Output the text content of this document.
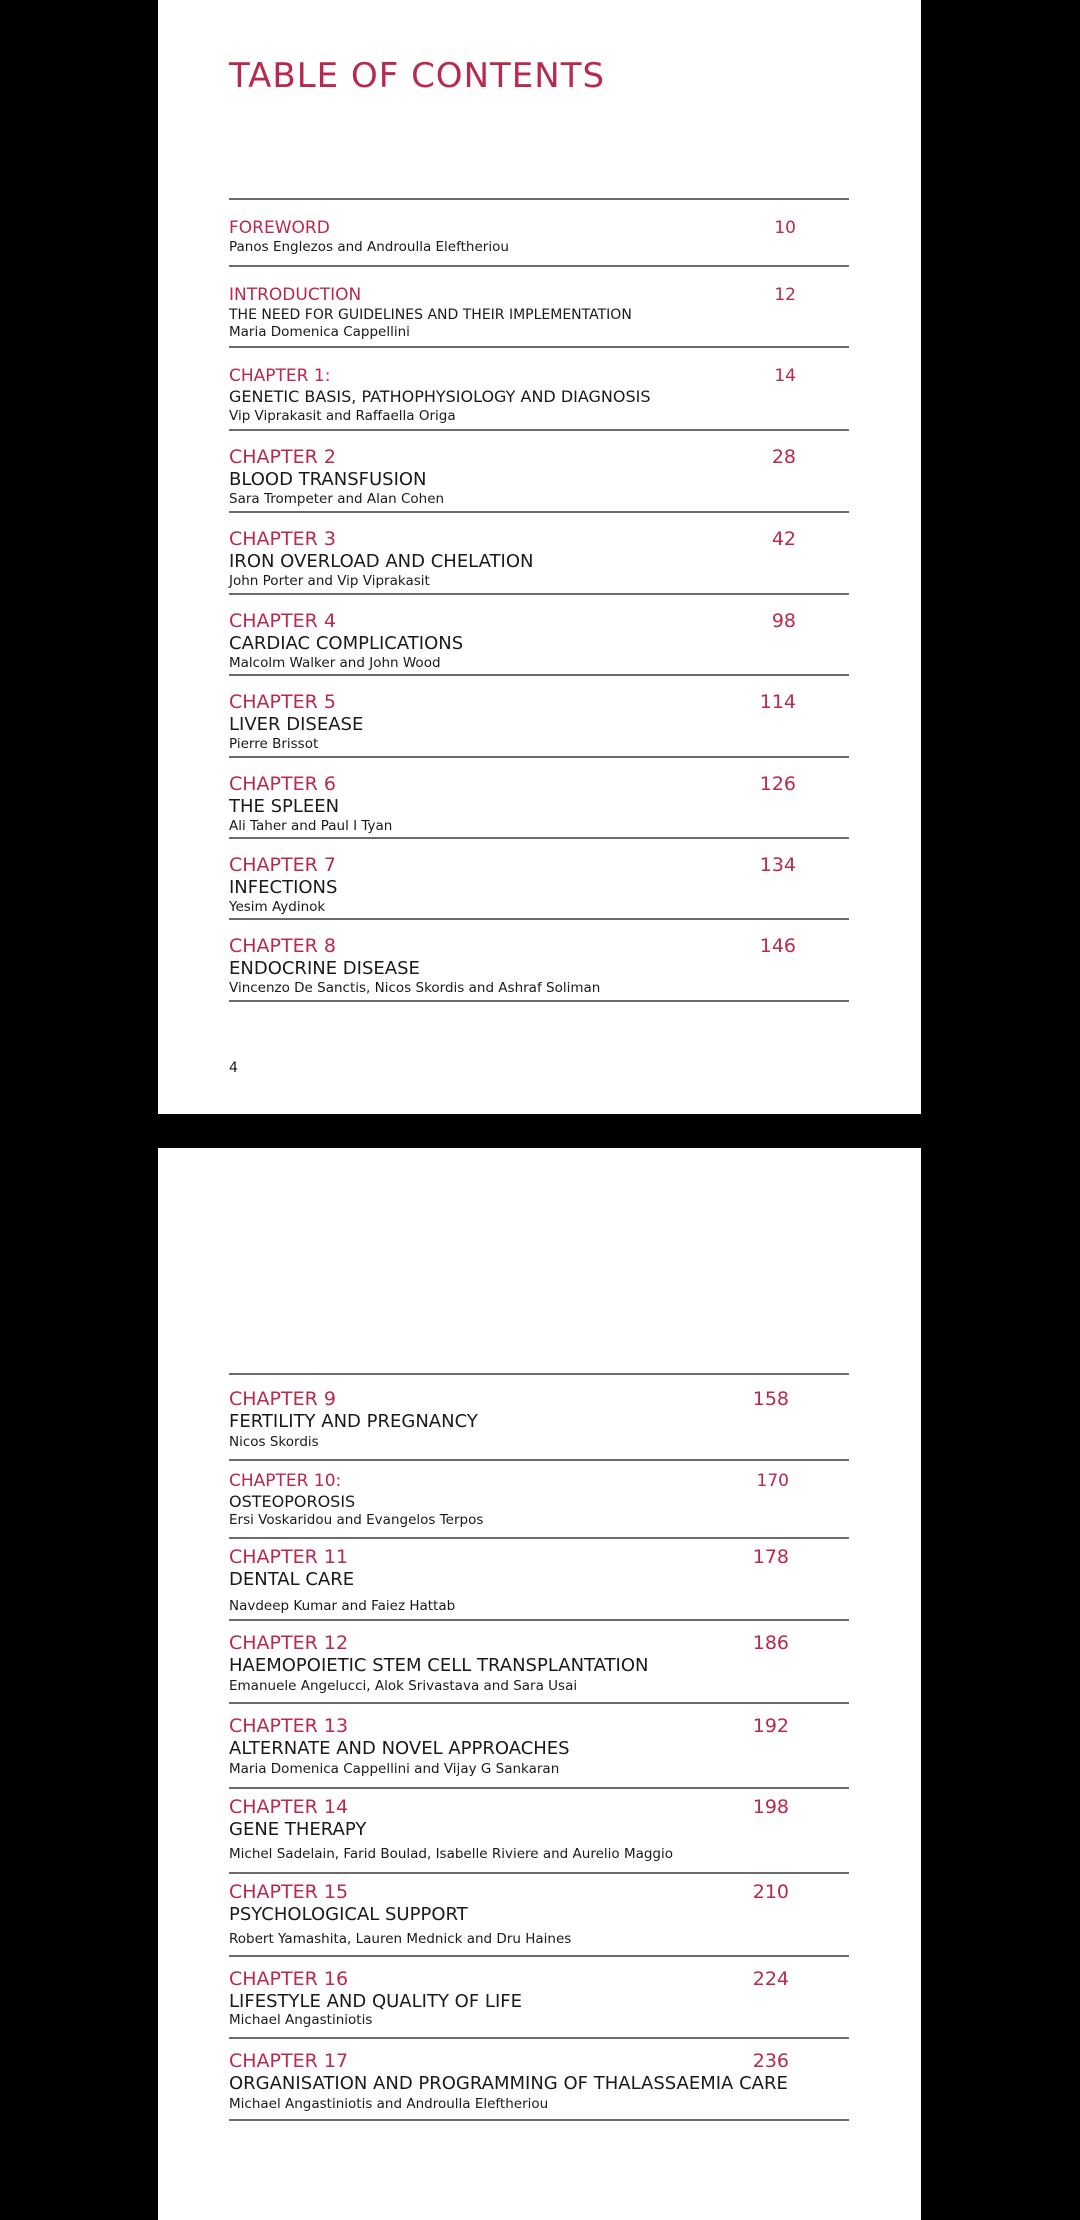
TABLE OF CONTENTS
FOREWORD	10
Panos Englezos and Androulla Eleftheriou
INTRODUCTION	12
THE NEED FOR GUIDELINES AND THEIR IMPLEMENTATION
Maria Domenica Cappellini
CHAPTER 1:	14
GENETIC BASIS, PATHOPHYSIOLOGY AND DIAGNOSIS
Vip Viprakasit and Raffaella Origa
CHAPTER 2	28
BLOOD TRANSFUSION
Sara Trompeter and Alan Cohen
CHAPTER 3	42
IRON OVERLOAD AND CHELATION
John Porter and Vip Viprakasit
CHAPTER 4	98
CARDIAC COMPLICATIONS
Malcolm Walker and John Wood
CHAPTER 5	114
LIVER DISEASE
Pierre Brissot
CHAPTER 6	126
THE SPLEEN
Ali Taher and Paul I Tyan
CHAPTER 7	134
INFECTIONS
Yesim Aydinok
CHAPTER 8	146
ENDOCRINE DISEASE
Vincenzo De Sanctis, Nicos Skordis and Ashraf Soliman
4
CHAPTER 9	158
FERTILITY AND PREGNANCY
Nicos Skordis
CHAPTER 10:	170
OSTEOPOROSIS
Ersi Voskaridou and Evangelos Terpos
CHAPTER 11	178
DENTAL CARE
Navdeep Kumar and Faiez Hattab
CHAPTER 12	186
HAEMOPOIETIC STEM CELL TRANSPLANTATION
Emanuele Angelucci, Alok Srivastava and Sara Usai
CHAPTER 13	192
ALTERNATE AND NOVEL APPROACHES
Maria Domenica Cappellini and Vijay G Sankaran
CHAPTER 14	198
GENE THERAPY
Michel Sadelain, Farid Boulad, Isabelle Riviere and Aurelio Maggio
CHAPTER 15	210
PSYCHOLOGICAL SUPPORT
Robert Yamashita, Lauren Mednick and Dru Haines
CHAPTER 16	224
LIFESTYLE AND QUALITY OF LIFE
Michael Angastiniotis
CHAPTER 17	236
ORGANISATION AND PROGRAMMING OF THALASSAEMIA CARE
Michael Angastiniotis and Androulla Eleftheriou
